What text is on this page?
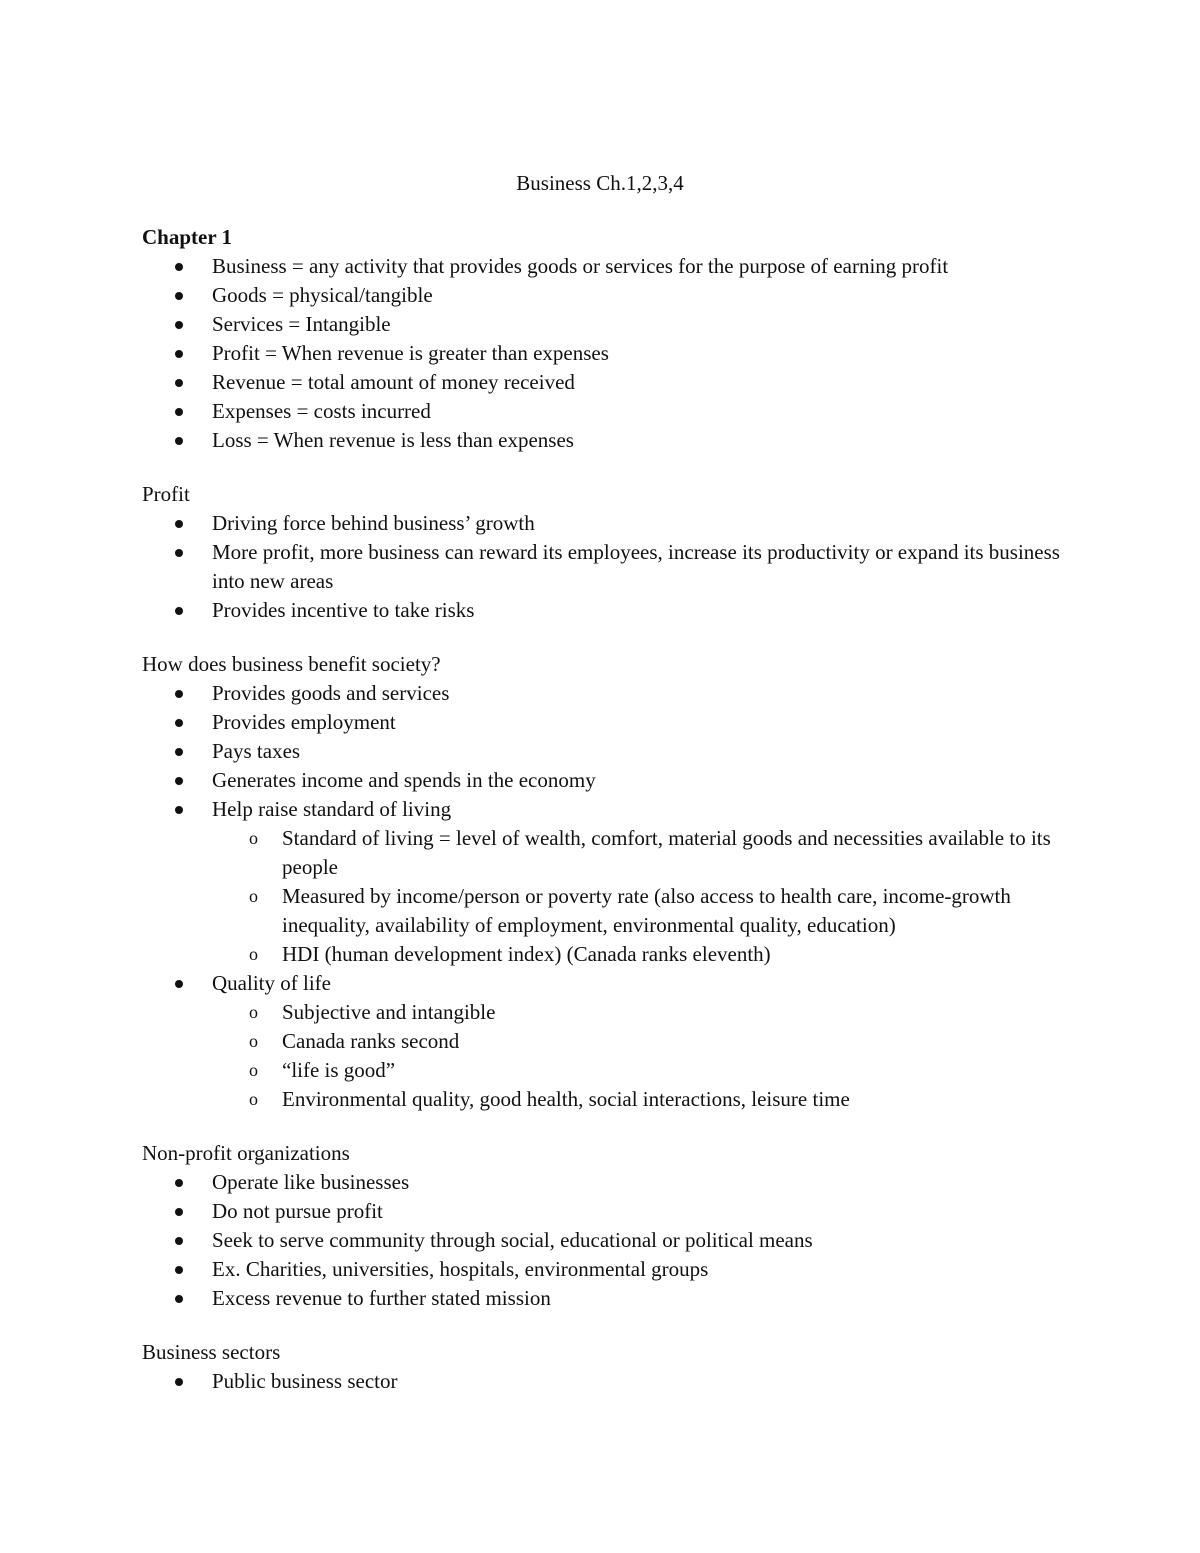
Business Ch.1,2,3,4

Chapter 1

Business = any activity that provides goods or services for the purpose of earning profit
Goods = physical/tangible
Services = Intangible
Profit = When revenue is greater than expenses
Revenue = total amount of money received
Expenses = costs incurred
Loss = When revenue is less than expenses

Profit

Driving force behind business’ growth
More profit, more business can reward its employees, increase its productivity or expand its business into new areas
Provides incentive to take risks

How does business benefit society?

Provides goods and services
Provides employment
Pays taxes
Generates income and spends in the economy
Help raise standard of living
o Standard of living = level of wealth, comfort, material goods and necessities available to its people
o Measured by income/person or poverty rate (also access to health care, income-growth inequality, availability of employment, environmental quality, education)
o HDI (human development index) (Canada ranks eleventh)
Quality of life
o Subjective and intangible
o Canada ranks second
o “life is good”
o Environmental quality, good health, social interactions, leisure time

Non-profit organizations

Operate like businesses
Do not pursue profit
Seek to serve community through social, educational or political means
Ex. Charities, universities, hospitals, environmental groups
Excess revenue to further stated mission

Business sectors

Public business sector
